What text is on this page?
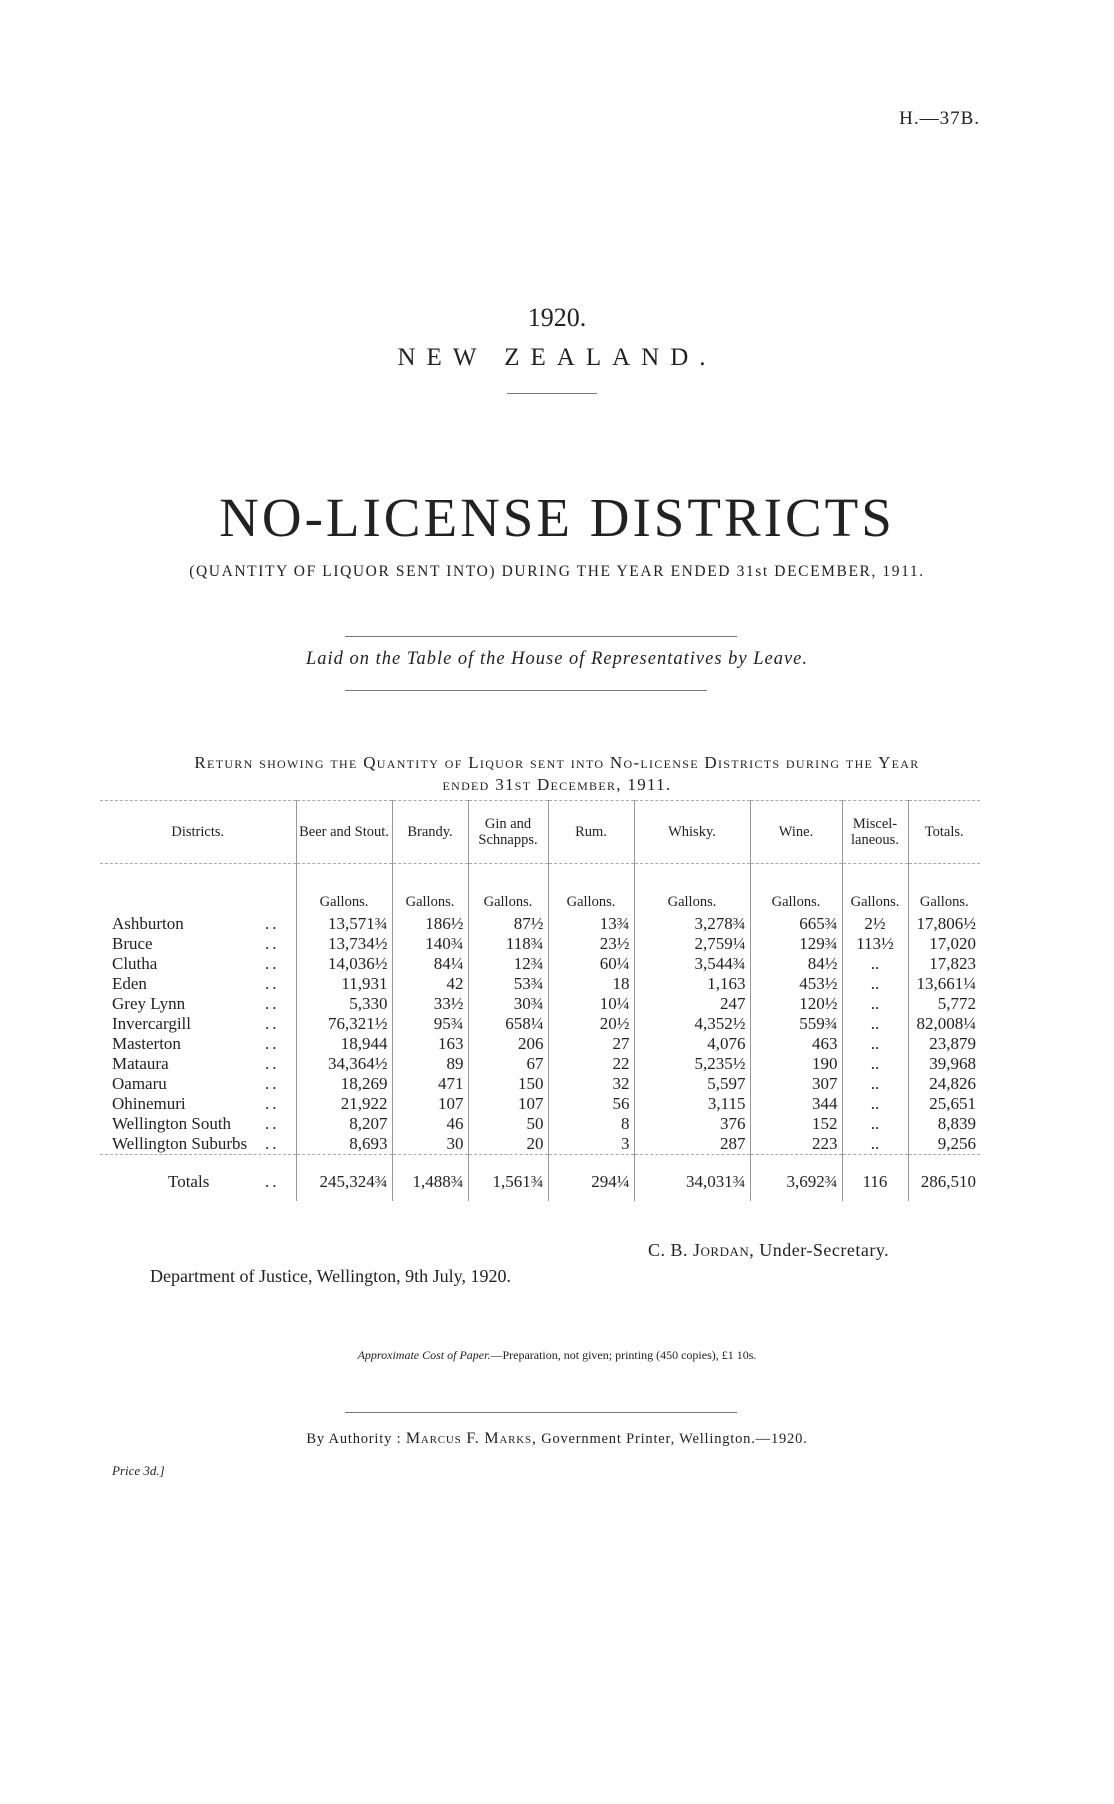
H.—37B.
1920.
NEW ZEALAND.
NO-LICENSE DISTRICTS
(QUANTITY OF LIQUOR SENT INTO) DURING THE YEAR ENDED 31st DECEMBER, 1911.
Laid on the Table of the House of Representatives by Leave.
Return showing the Quantity of Liquor sent into No-license Districts during the Year
ended 31st December, 1911.
Districts.	Beer and Stout.	Brandy.	Gin and Schnapps.	Rum.	Whisky.	Wine.	Miscel-laneous.	Totals.
	Gallons.	Gallons.	Gallons.	Gallons.	Gallons.	Gallons.	Gallons.	Gallons.
Ashburton ..	13,571¾	186½	87½	13¾	3,278¾	665¾	2½	17,806½
Bruce ..	13,734½	140¾	118¾	23½	2,759¼	129¾	113½	17,020
Clutha ..	14,036½	84¼	12¾	60¼	3,544¾	84½	..	17,823
Eden ..	11,931	42	53¾	18	1,163	453½	..	13,661¼
Grey Lynn ..	5,330	33½	30¾	10¼	247	120½	..	5,772
Invercargill ..	76,321½	95¾	658¼	20½	4,352½	559¾	..	82,008¼
Masterton ..	18,944	163	206	27	4,076	463	..	23,879
Mataura ..	34,364½	89	67	22	5,235½	190	..	39,968
Oamaru ..	18,269	471	150	32	5,597	307	..	24,826
Ohinemuri ..	21,922	107	107	56	3,115	344	..	25,651
Wellington South ..	8,207	46	50	8	376	152	..	8,839
Wellington Suburbs ..	8,693	30	20	3	287	223	..	9,256
Totals ..	245,324¾	1,488¾	1,561¾	294¼	34,031¾	3,692¾	116	286,510
C. B. Jordan, Under-Secretary.
Department of Justice, Wellington, 9th July, 1920.
Approximate Cost of Paper.—Preparation, not given; printing (450 copies), £1 10s.
By Authority : Marcus F. Marks, Government Printer, Wellington.—1920.
Price 3d.]
